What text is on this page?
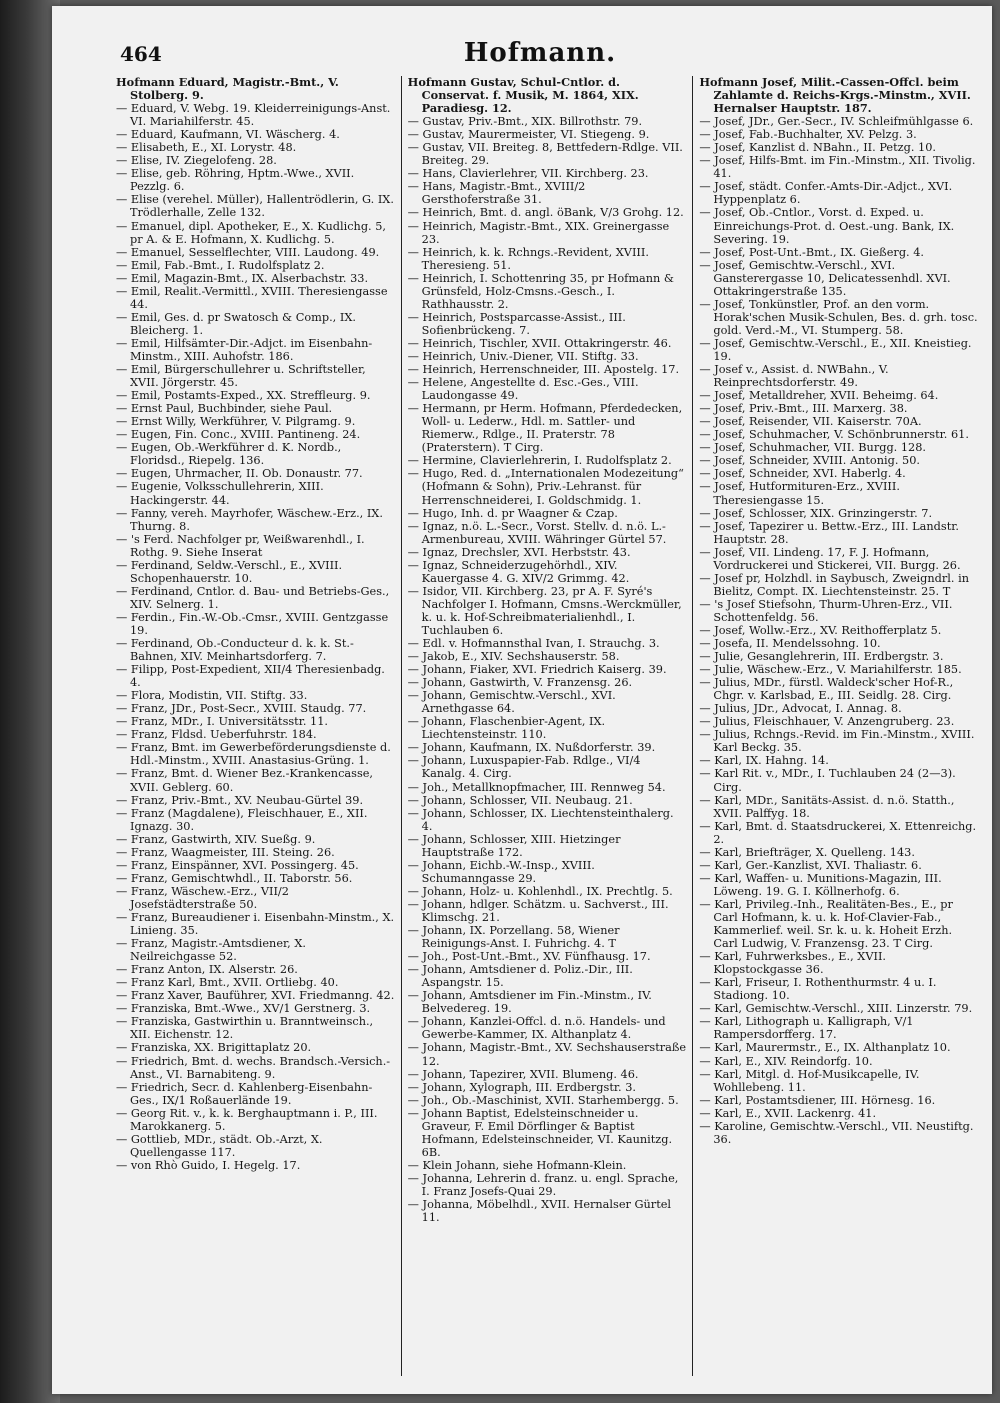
464	Hofmann.

Hofmann Eduard, Magistr.-Bmt., V. Stolberg. 9.

— Eduard, V. Webg. 19. Kleiderreinigungs-Anst. VI. Mariahilferstr. 45.

— Eduard, Kaufmann, VI. Wäscherg. 4.

— Elisabeth, E., XI. Lorystr. 48.

— Elise, IV. Ziegelofeng. 28.

— Elise, geb. Röhring, Hptm.-Wwe., XVII. Pezzlg. 6.

— Elise (verehel. Müller), Hallentrödlerin, G. IX. Trödlerhalle, Zelle 132.

— Emanuel, dipl. Apotheker, E., X. Kudlichg. 5, pr A. & E. Hofmann, X. Kudlichg. 5.

— Emanuel, Sesselflechter, VIII. Laudong. 49.

— Emil, Fab.-Bmt., I. Rudolfsplatz 2.

— Emil, Magazin-Bmt., IX. Alserbachstr. 33.

— Emil, Realit.-Vermittl., XVIII. Theresiengasse 44.

— Emil, Ges. d. pr Swatosch & Comp., IX. Bleicherg. 1.

— Emil, Hilfsämter-Dir.-Adjct. im Eisenbahn-Minstm., XIII. Auhofstr. 186.

— Emil, Bürgerschullehrer u. Schriftsteller, XVII. Jörgerstr. 45.

— Emil, Postamts-Exped., XX. Streffleurg. 9.

— Ernst Paul, Buchbinder, siehe Paul.

— Ernst Willy, Werkführer, V. Pilgramg. 9.

— Eugen, Fin. Conc., XVIII. Pantineng. 24.

— Eugen, Ob.-Werkführer d. K. Nordb., Floridsd., Riepelg. 136.

— Eugen, Uhrmacher, II. Ob. Donaustr. 77.

— Eugenie, Volksschullehrerin, XIII. Hackingerstr. 44.

— Fanny, vereh. Mayrhofer, Wäschew.-Erz., IX. Thurng. 8.

— 's Ferd. Nachfolger pr, Weißwarenhdl., I. Rothg. 9. Siehe Inserat

— Ferdinand, Seldw.-Verschl., E., XVIII. Schopenhauerstr. 10.

— Ferdinand, Cntlor. d. Bau- und Betriebs-Ges., XIV. Selnerg. 1.

— Ferdin., Fin.-W.-Ob.-Cmsr., XVIII. Gentzgasse 19.

— Ferdinand, Ob.-Conducteur d. k. k. St.-Bahnen, XIV. Meinhartsdorferg. 7.

— Filipp, Post-Expedient, XII/4 Theresienbadg. 4.

— Flora, Modistin, VII. Stiftg. 33.

— Franz, JDr., Post-Secr., XVIII. Staudg. 77.

— Franz, MDr., I. Universitätsstr. 11.

— Franz, Fldsd. Ueberfuhrstr. 184.

— Franz, Bmt. im Gewerbeförderungsdienste d. Hdl.-Minstm., XVIII. Anastasius-Grüng. 1.

— Franz, Bmt. d. Wiener Bez.-Krankencasse, XVII. Geblerg. 60.

— Franz, Priv.-Bmt., XV. Neubau-Gürtel 39.

— Franz (Magdalene), Fleischhauer, E., XII. Ignazg. 30.

— Franz, Gastwirth, XIV. Sueßg. 9.

— Franz, Waagmeister, III. Steing. 26.

— Franz, Einspänner, XVI. Possingerg. 45.

— Franz, Gemischtwhdl., II. Taborstr. 56.

— Franz, Wäschew.-Erz., VII/2 Josefstädterstraße 50.

— Franz, Bureaudiener i. Eisenbahn-Minstm., X. Linieng. 35.

— Franz, Magistr.-Amtsdiener, X. Neilreichgasse 52.

— Franz Anton, IX. Alserstr. 26.

— Franz Karl, Bmt., XVII. Ortliebg. 40.

— Franz Xaver, Bauführer, XVI. Friedmanng. 42.

— Franziska, Bmt.-Wwe., XV/1 Gerstnerg. 3.

— Franziska, Gastwirthin u. Branntweinsch., XII. Eichenstr. 12.

— Franziska, XX. Brigittaplatz 20.

— Friedrich, Bmt. d. wechs. Brandsch.-Versich.-Anst., VI. Barnabiteng. 9.

— Friedrich, Secr. d. Kahlenberg-Eisenbahn-Ges., IX/1 Roßauerlände 19.

— Georg Rit. v., k. k. Berghauptmann i. P., III. Marokkanerg. 5.

— Gottlieb, MDr., städt. Ob.-Arzt, X. Quellengasse 117.

— von Rhò Guido, I. Hegelg. 17.

Hofmann Gustav, Schul-Cntlor. d. Conservat. f. Musik, M. 1864, XIX. Paradiesg. 12.

— Gustav, Priv.-Bmt., XIX. Billrothstr. 79.

— Gustav, Maurermeister, VI. Stiegeng. 9.

— Gustav, VII. Breiteg. 8, Bettfedern-Rdlge. VII. Breiteg. 29.

— Hans, Clavierlehrer, VII. Kirchberg. 23.

— Hans, Magistr.-Bmt., XVIII/2 Gersthoferstraße 31.

— Heinrich, Bmt. d. angl. öBank, V/3 Grohg. 12.

— Heinrich, Magistr.-Bmt., XIX. Greinergasse 23.

— Heinrich, k. k. Rchngs.-Revident, XVIII. Theresieng. 51.

— Heinrich, I. Schottenring 35, pr Hofmann & Grünsfeld, Holz-Cmsns.-Gesch., I. Rathhausstr. 2.

— Heinrich, Postsparcasse-Assist., III. Sofienbrückeng. 7.

— Heinrich, Tischler, XVII. Ottakringerstr. 46.

— Heinrich, Univ.-Diener, VII. Stiftg. 33.

— Heinrich, Herrenschneider, III. Apostelg. 17.

— Helene, Angestellte d. Esc.-Ges., VIII. Laudongasse 49.

— Hermann, pr Herm. Hofmann, Pferdedecken, Woll- u. Lederw., Hdl. m. Sattler- und Riemerw., Rdlge., II. Praterstr. 78 (Praterstern). T Cirg.

— Hermine, Clavierlehrerin, I. Rudolfsplatz 2.

— Hugo, Red. d. „Internationalen Modezeitung“ (Hofmann & Sohn), Priv.-Lehranst. für Herrenschneiderei, I. Goldschmidg. 1.

— Hugo, Inh. d. pr Waagner & Czap.

— Ignaz, n.ö. L.-Secr., Vorst. Stellv. d. n.ö. L.-Armenbureau, XVIII. Währinger Gürtel 57.

— Ignaz, Drechsler, XVI. Herbststr. 43.

— Ignaz, Schneiderzugehörhdl., XIV. Kauergasse 4. G. XIV/2 Grimmg. 42.

— Isidor, VII. Kirchberg. 23, pr A. F. Syré's Nachfolger I. Hofmann, Cmsns.-Werckmüller, k. u. k. Hof-Schreibmaterialienhdl., I. Tuchlauben 6.

— Edl. v. Hofmannsthal Ivan, I. Strauchg. 3.

— Jakob, E., XIV. Sechshauserstr. 58.

— Johann, Fiaker, XVI. Friedrich Kaiserg. 39.

— Johann, Gastwirth, V. Franzensg. 26.

— Johann, Gemischtw.-Verschl., XVI. Arnethgasse 64.

— Johann, Flaschenbier-Agent, IX. Liechtensteinstr. 110.

— Johann, Kaufmann, IX. Nußdorferstr. 39.

— Johann, Luxuspapier-Fab. Rdlge., VI/4 Kanalg. 4. Cirg.

— Joh., Metallknopfmacher, III. Rennweg 54.

— Johann, Schlosser, VII. Neubaug. 21.

— Johann, Schlosser, IX. Liechtensteinthalerg. 4.

— Johann, Schlosser, XIII. Hietzinger Hauptstraße 172.

— Johann, Eichb.-W.-Insp., XVIII. Schumanngasse 29.

— Johann, Holz- u. Kohlenhdl., IX. Prechtlg. 5.

— Johann, hdlger. Schätzm. u. Sachverst., III. Klimschg. 21.

— Johann, IX. Porzellang. 58, Wiener Reinigungs-Anst. I. Fuhrichg. 4. T

— Joh., Post-Unt.-Bmt., XV. Fünfhausg. 17.

— Johann, Amtsdiener d. Poliz.-Dir., III. Aspangstr. 15.

— Johann, Amtsdiener im Fin.-Minstm., IV. Belvedereg. 19.

— Johann, Kanzlei-Offcl. d. n.ö. Handels- und Gewerbe-Kammer, IX. Althanplatz 4.

— Johann, Magistr.-Bmt., XV. Sechshauserstraße 12.

— Johann, Tapezirer, XVII. Blumeng. 46.

— Johann, Xylograph, III. Erdbergstr. 3.

— Joh., Ob.-Maschinist, XVII. Starhembergg. 5.

— Johann Baptist, Edelsteinschneider u. Graveur, F. Emil Dörflinger & Baptist Hofmann, Edelsteinschneider, VI. Kaunitzg. 6B.

— Klein Johann, siehe Hofmann-Klein.

— Johanna, Lehrerin d. franz. u. engl. Sprache, I. Franz Josefs-Quai 29.

— Johanna, Möbelhdl., XVII. Hernalser Gürtel 11.

Hofmann Josef, Milit.-Cassen-Offcl. beim Zahlamte d. Reichs-Krgs.-Minstm., XVII. Hernalser Hauptstr. 187.

— Josef, JDr., Ger.-Secr., IV. Schleifmühlgasse 6.

— Josef, Fab.-Buchhalter, XV. Pelzg. 3.

— Josef, Kanzlist d. NBahn., II. Petzg. 10.

— Josef, Hilfs-Bmt. im Fin.-Minstm., XII. Tivolig. 41.

— Josef, städt. Confer.-Amts-Dir.-Adjct., XVI. Hyppenplatz 6.

— Josef, Ob.-Cntlor., Vorst. d. Exped. u. Einreichungs-Prot. d. Oest.-ung. Bank, IX. Severing. 19.

— Josef, Post-Unt.-Bmt., IX. Gießerg. 4.

— Josef, Gemischtw.-Verschl., XVI. Gansterergasse 10, Delicatessenhdl. XVI. Ottakringerstraße 135.

— Josef, Tonkünstler, Prof. an den vorm. Horak'schen Musik-Schulen, Bes. d. grh. tosc. gold. Verd.-M., VI. Stumperg. 58.

— Josef, Gemischtw.-Verschl., E., XII. Kneistieg. 19.

— Josef v., Assist. d. NWBahn., V. Reinprechtsdorferstr. 49.

— Josef, Metalldreher, XVII. Beheimg. 64.

— Josef, Priv.-Bmt., III. Marxerg. 38.

— Josef, Reisender, VII. Kaiserstr. 70A.

— Josef, Schuhmacher, V. Schönbrunnerstr. 61.

— Josef, Schuhmacher, VII. Burgg. 128.

— Josef, Schneider, XVIII. Antonig. 50.

— Josef, Schneider, XVI. Haberlg. 4.

— Josef, Hutformituren-Erz., XVIII. Theresiengasse 15.

— Josef, Schlosser, XIX. Grinzingerstr. 7.

— Josef, Tapezirer u. Bettw.-Erz., III. Landstr. Hauptstr. 28.

— Josef, VII. Lindeng. 17, F. J. Hofmann, Vordruckerei und Stickerei, VII. Burgg. 26.

— Josef pr, Holzhdl. in Saybusch, Zweigndrl. in Bielitz, Compt. IX. Liechtensteinstr. 25. T

— 's Josef Stiefsohn, Thurm-Uhren-Erz., VII. Schottenfeldg. 56.

— Josef, Wollw.-Erz., XV. Reithofferplatz 5.

— Josefa, II. Mendelssohng. 10.

— Julie, Gesanglehrerin, III. Erdbergstr. 3.

— Julie, Wäschew.-Erz., V. Mariahilferstr. 185.

— Julius, MDr., fürstl. Waldeck'scher Hof-R., Chgr. v. Karlsbad, E., III. Seidlg. 28. Cirg.

— Julius, JDr., Advocat, I. Annag. 8.

— Julius, Fleischhauer, V. Anzengruberg. 23.

— Julius, Rchngs.-Revid. im Fin.-Minstm., XVIII. Karl Beckg. 35.

— Karl, IX. Hahng. 14.

— Karl Rit. v., MDr., I. Tuchlauben 24 (2—3). Cirg.

— Karl, MDr., Sanitäts-Assist. d. n.ö. Statth., XVII. Palffyg. 18.

— Karl, Bmt. d. Staatsdruckerei, X. Ettenreichg. 2.

— Karl, Briefträger, X. Quelleng. 143.

— Karl, Ger.-Kanzlist, XVI. Thaliastr. 6.

— Karl, Waffen- u. Munitions-Magazin, III. Löweng. 19. G. I. Köllnerhofg. 6.

— Karl, Privileg.-Inh., Realitäten-Bes., E., pr Carl Hofmann, k. u. k. Hof-Clavier-Fab., Kammerlief. weil. Sr. k. u. k. Hoheit Erzh. Carl Ludwig, V. Franzensg. 23. T Cirg.

— Karl, Fuhrwerksbes., E., XVII. Klopstockgasse 36.

— Karl, Friseur, I. Rothenthurmstr. 4 u. I. Stadiong. 10.

— Karl, Gemischtw.-Verschl., XIII. Linzerstr. 79.

— Karl, Lithograph u. Kalligraph, V/1 Rampersdorfferg. 17.

— Karl, Maurermstr., E., IX. Althanplatz 10.

— Karl, E., XIV. Reindorfg. 10.

— Karl, Mitgl. d. Hof-Musikcapelle, IV. Wohllebeng. 11.

— Karl, Postamtsdiener, III. Hörnesg. 16.

— Karl, E., XVII. Lackenrg. 41.

— Karoline, Gemischtw.-Verschl., VII. Neustiftg. 36.
